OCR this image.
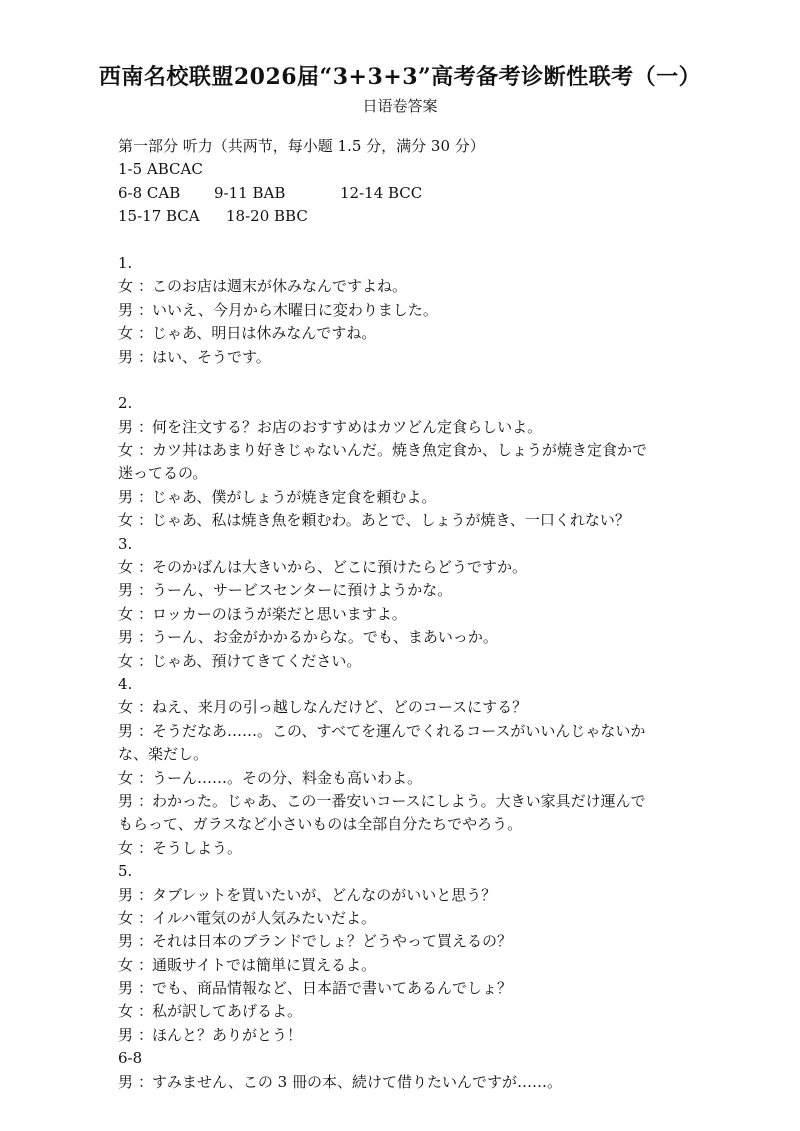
西南名校联盟2026届“3+3+3”高考备考诊断性联考（一）
日语卷答案
第一部分 听力（共两节，每小题 1.5 分，满分 30 分）
1-5 ABCAC
6-8 CAB 9-11 BAB	12-14 BCC
15-17 BCA 18-20 BBC
1.
女 ：このお店は週末が休みなんですよね。
男 ：いいえ、今月から木曜日に変わりました。
女 ：じゃあ、明日は休みなんですね。
男 ：はい、そうです。
2.
男 ：何を注文する？お店のおすすめはカツどん定食らしいよ。
女 ：カツ丼はあまり好きじゃないんだ。焼き魚定食か、しょうが焼き定食かで
迷ってるの。
男 ：じゃあ、僕がしょうが焼き定食を頼むよ。
女 ：じゃあ、私は焼き魚を頼むわ。あとで、しょうが焼き、一口くれない？
3.
女 ：そのかばんは大きいから、どこに預けたらどうですか。
男 ：うーん、サービスセンターに預けようかな。
女 ：ロッカーのほうが楽だと思いますよ。
男 ：うーん、お金がかかるからな。でも、まあいっか。
女 ：じゃあ、預けてきてください。
4.
女 ：ねえ、来月の引っ越しなんだけど、どのコースにする？
男 ：そうだなあ……。この、すべてを運んでくれるコースがいいんじゃないか
な、楽だし。
女 ：うーん……。その分、料金も高いわよ。
男 ：わかった。じゃあ、この一番安いコースにしよう。大きい家具だけ運んで
もらって、ガラスなど小さいものは全部自分たちでやろう。
女 ：そうしよう。
5.
男 ：タブレットを買いたいが、どんなのがいいと思う？
女 ：イルハ電気のが人気みたいだよ。
男 ：それは日本のブランドでしょ？どうやって買えるの？
女 ：通販サイトでは簡単に買えるよ。
男 ：でも、商品情報など、日本語で書いてあるんでしょ？
女 ：私が訳してあげるよ。
男 ：ほんと？ありがとう！
6-8
男 ：すみません、この 3 冊の本、続けて借りたいんですが……。
